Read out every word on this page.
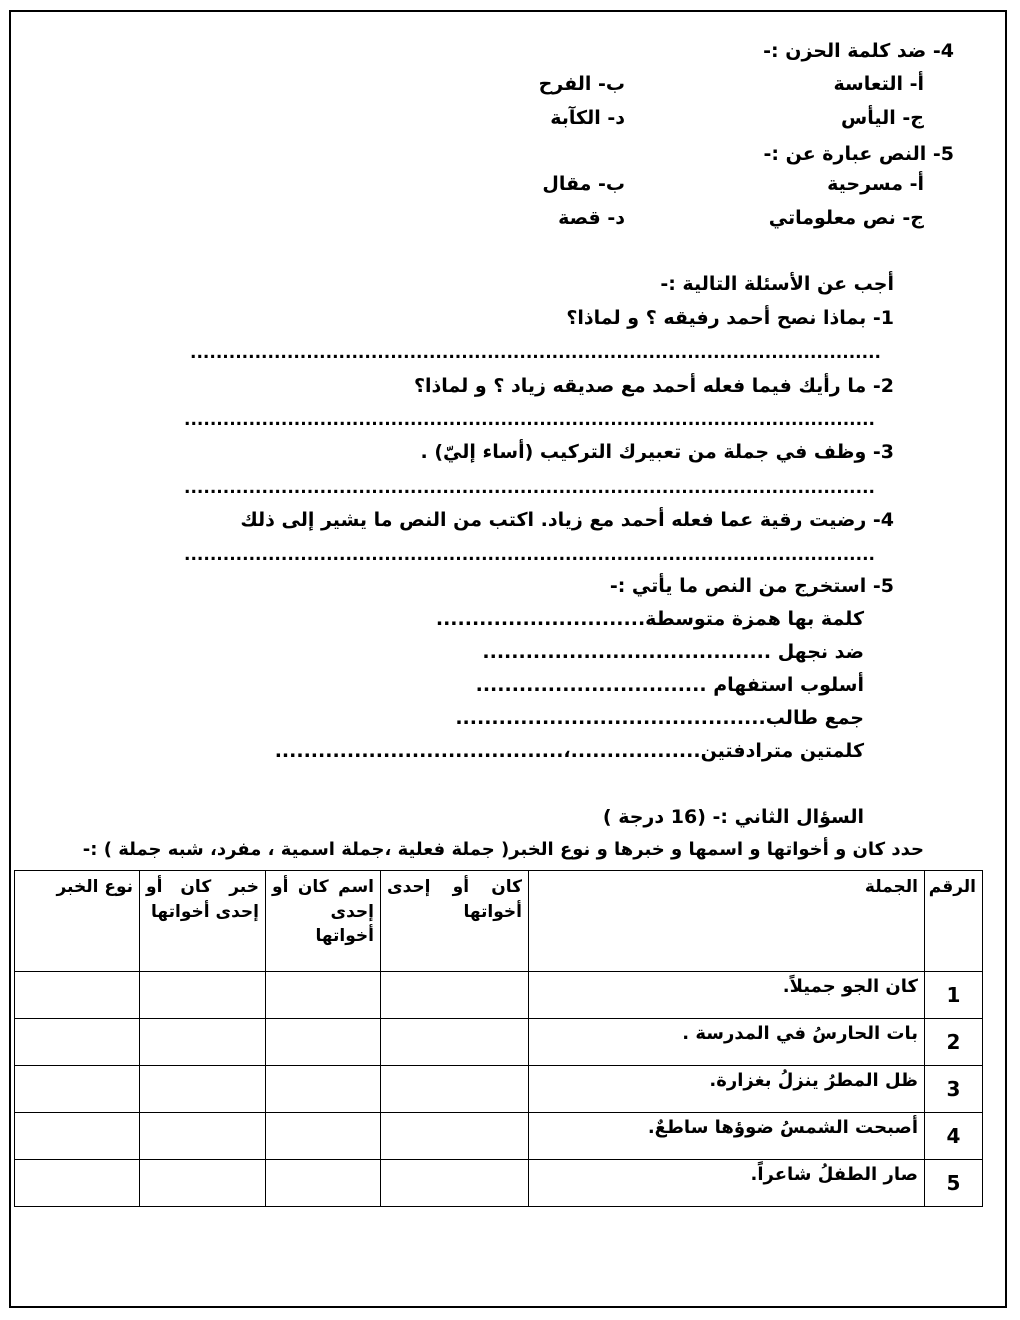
4- ضد كلمة الحزن :-
أ- التعاسة
ب- الفرح
ج- اليأس
د- الكآبة
5- النص عبارة عن :-
أ- مسرحية
ب- مقال
ج- نص معلوماتي
د- قصة
أجب عن الأسئلة التالية :-
1- بماذا نصح أحمد رفيقه ؟ و لماذا؟
...........................................................................................................
2- ما رأيك فيما فعله أحمد مع صديقه زياد ؟ و لماذا؟
...........................................................................................................
3- وظف في جملة من تعبيرك التركيب (أساء إليّ) .
...........................................................................................................
4- رضيت رقية عما فعله أحمد مع زياد. اكتب من النص ما يشير إلى ذلك
...........................................................................................................
5- استخرج من النص ما يأتي :-
كلمة بها همزة متوسطة.............................
ضد نجهل ........................................
أسلوب استفهام ................................
جمع طالب...........................................
كلمتين مترادفتين..................،........................................
السؤال الثاني :- (16 درجة )
حدد كان و أخواتها و اسمها و خبرها و نوع الخبر( جملة فعلية ،جملة اسمية ، مفرد، شبه جملة ) :-
الرقم	الجملة	كان أو إحدى أخواتها	اسم كان أو إحدى أخواتها	خبر كان أو إحدى أخواتها	نوع الخبر
1	كان الجو جميلاً.				
2	بات الحارسُ في المدرسة .				
3	ظل المطرُ ينزلُ بغزارة.				
4	أصبحت الشمسُ ضوؤها ساطعٌ.				
5	صار الطفلُ شاعراً.				
